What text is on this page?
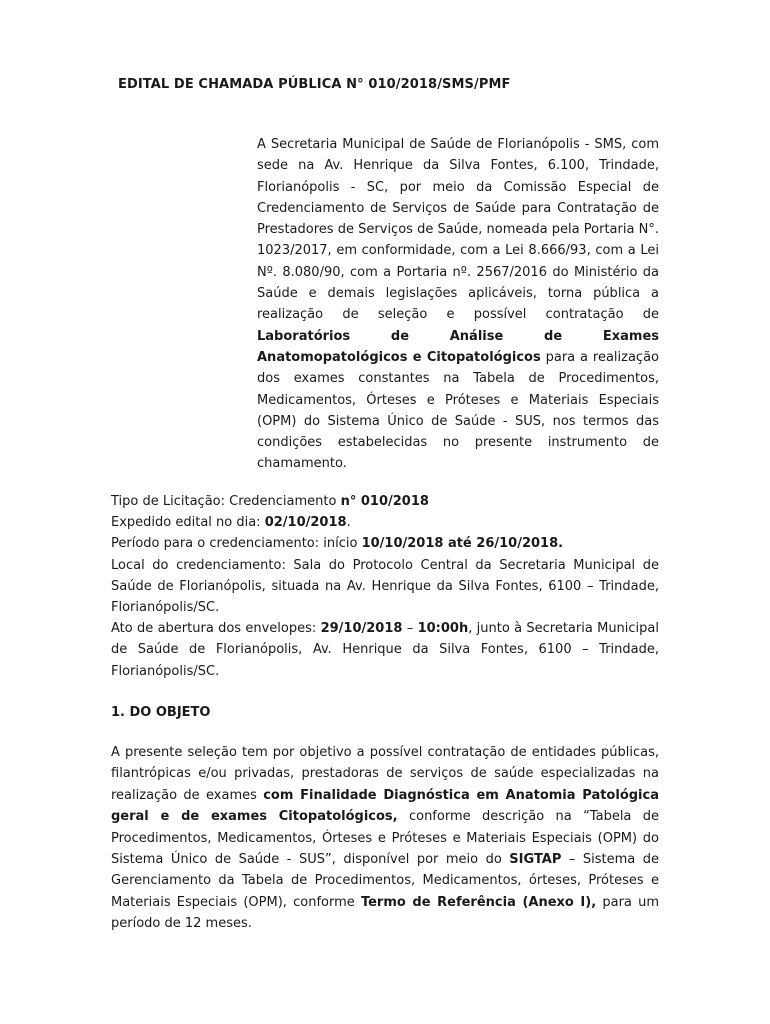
EDITAL DE CHAMADA PÚBLICA N° 010/2018/SMS/PMF
A Secretaria Municipal de Saúde de Florianópolis - SMS, com sede na Av. Henrique da Silva Fontes, 6.100, Trindade, Florianópolis - SC, por meio da Comissão Especial de Credenciamento de Serviços de Saúde para Contratação de Prestadores de Serviços de Saúde, nomeada pela Portaria N°. 1023/2017, em conformidade, com a Lei 8.666/93, com a Lei Nº. 8.080/90, com a Portaria nº. 2567/2016 do Ministério da Saúde e demais legislações aplicáveis, torna pública a realização de seleção e possível contratação de Laboratórios de Análise de Exames Anatomopatológicos e Citopatológicos para a realização dos exames constantes na Tabela de Procedimentos, Medicamentos, Órteses e Próteses e Materiais Especiais (OPM) do Sistema Único de Saúde - SUS, nos termos das condições estabelecidas no presente instrumento de chamamento.

Tipo de Licitação: Credenciamento n° 010/2018

Expedido edital no dia: 02/10/2018.

Período para o credenciamento: início 10/10/2018 até 26/10/2018.

Local do credenciamento: Sala do Protocolo Central da Secretaria Municipal de Saúde de Florianópolis, situada na Av. Henrique da Silva Fontes, 6100 – Trindade, Florianópolis/SC.

Ato de abertura dos envelopes: 29/10/2018 – 10:00h, junto à Secretaria Municipal de Saúde de Florianópolis, Av. Henrique da Silva Fontes, 6100 – Trindade, Florianópolis/SC.

1. DO OBJETO
A presente seleção tem por objetivo a possível contratação de entidades públicas, filantrópicas e/ou privadas, prestadoras de serviços de saúde especializadas na realização de exames com Finalidade Diagnóstica em Anatomia Patológica geral e de exames Citopatológicos, conforme descrição na “Tabela de Procedimentos, Medicamentos, Órteses e Próteses e Materiais Especiais (OPM) do Sistema Único de Saúde - SUS”, disponível por meio do SIGTAP – Sistema de Gerenciamento da Tabela de Procedimentos, Medicamentos, órteses, Próteses e Materiais Especiais (OPM), conforme Termo de Referência (Anexo I), para um período de 12 meses.
